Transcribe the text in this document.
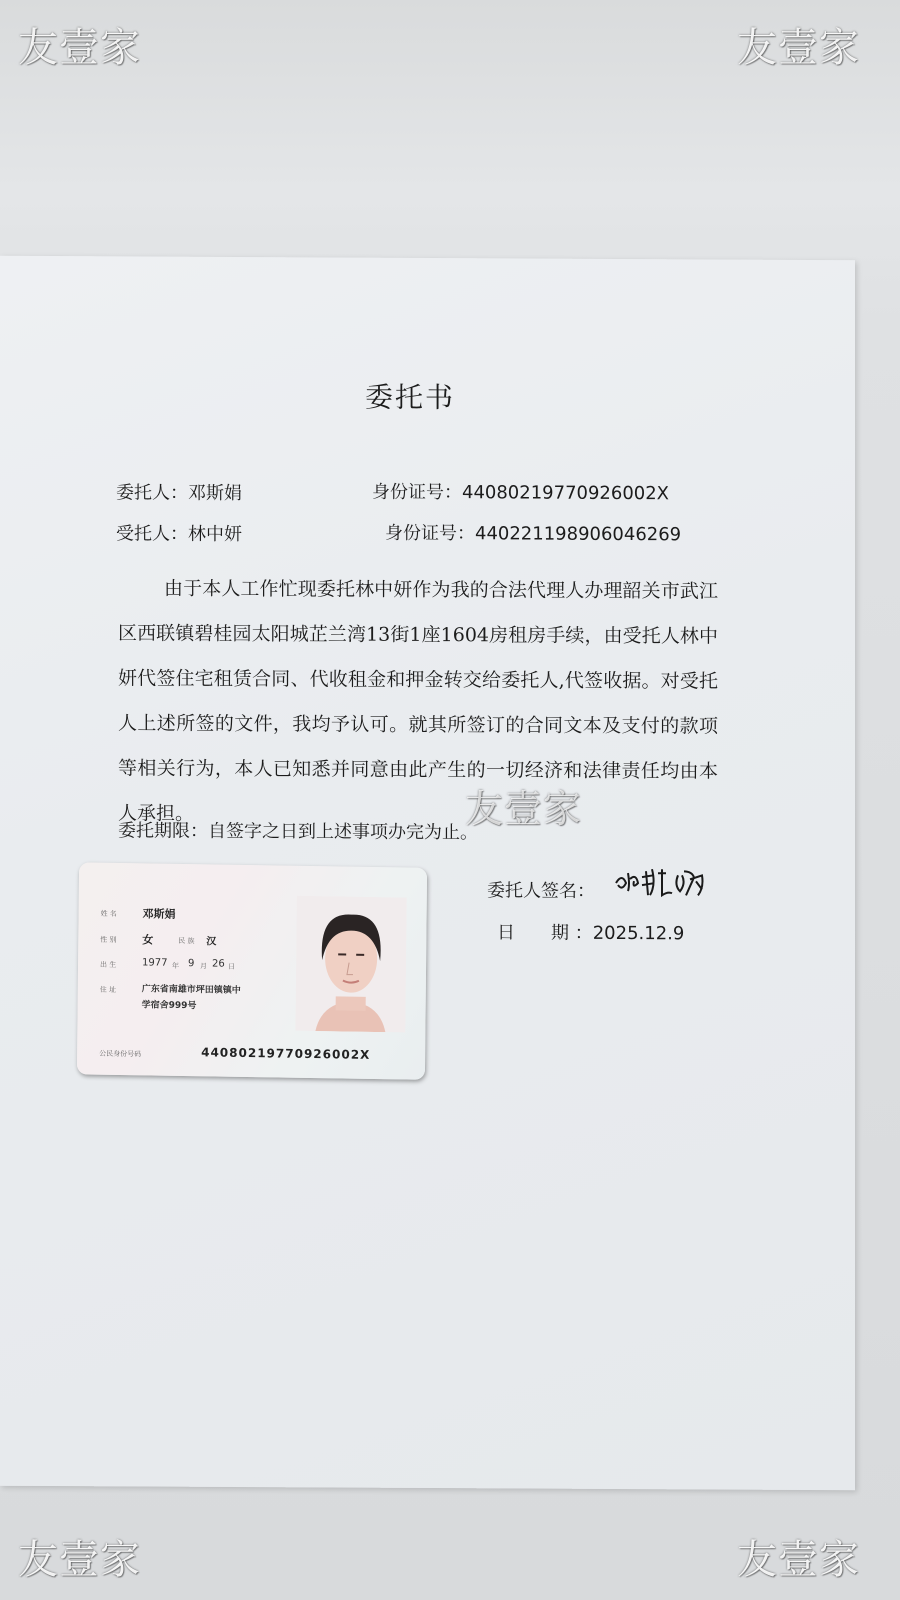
友壹家	友壹家
友壹家	友壹家
委托书
委托人：邓斯娟	身份证号：44080219770926002X
受托人：林中妍	身份证号：440221198906046269
由于本人工作忙现委托林中妍作为我的合法代理人办理韶关市武江区西联镇碧桂园太阳城芷兰湾13街1座1604房租房手续，由受托人林中妍代签住宅租赁合同、代收租金和押金转交给委托人,代签收据。对受托人上述所签的文件，我均予认可。就其所签订的合同文本及支付的款项等相关行为，本人已知悉并同意由此产生的一切经济和法律责任均由本人承担。
委托期限：自签字之日到上述事项办完为止。
委托人签名：
日 期 ：2025.12.9
姓 名 邓斯娟
性 别 女	民 族 汉
出 生	1977 年 9 月 26 日
住 址	广东省南雄市坪田镇镇中
学宿舍999号
公民身份号码	44080219770926002X
友壹家
